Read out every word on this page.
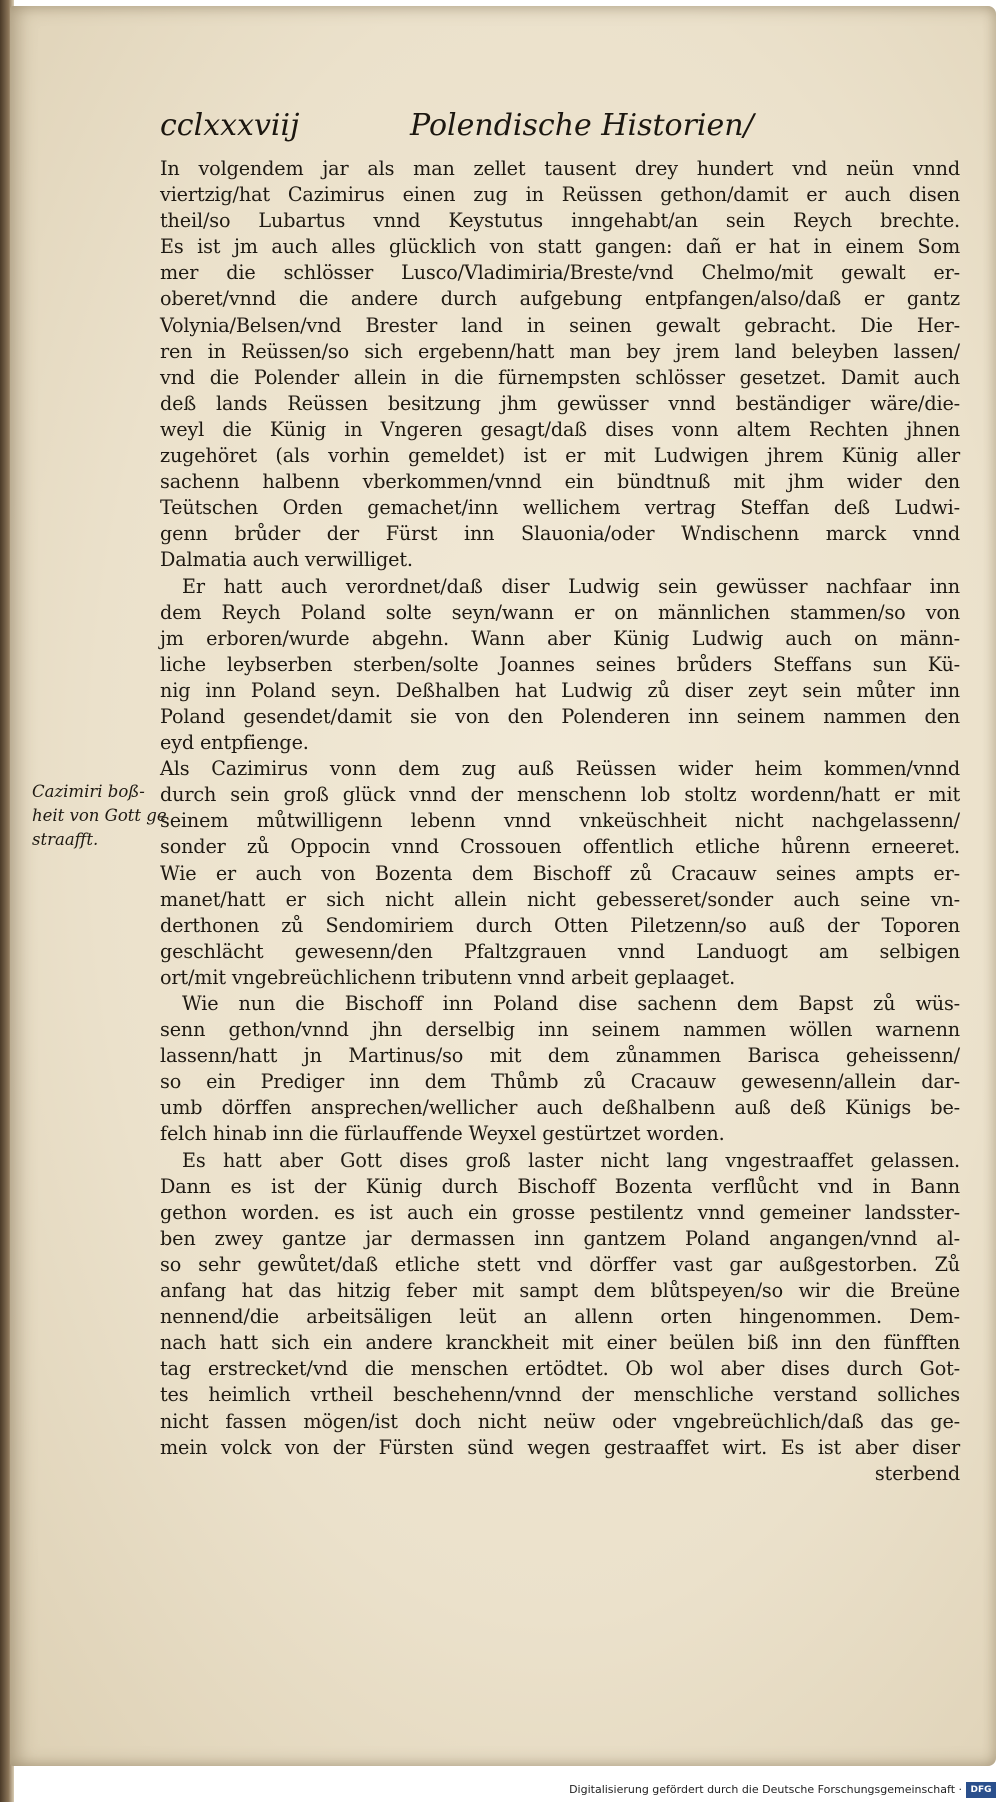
cclxxxviij	Polendische Historien/
Cazimiri boß-
heit von Gott ge
straafft.
In volgendem jar als man zellet tausent drey hundert vnd neün vnnd
viertzig/hat Cazimirus einen zug in Reüssen gethon/damit er auch disen
theil/so Lubartus vnnd Keystutus inngehabt/an sein Reych brechte.
Es ist jm auch alles glücklich von statt gangen: dañ er hat in einem Som
mer die schlösser Lusco/Vladimiria/Breste/vnd Chelmo/mit gewalt er-
oberet/vnnd die andere durch aufgebung entpfangen/also/daß er gantz
Volynia/Belsen/vnd Brester land in seinen gewalt gebracht. Die Her-
ren in Reüssen/so sich ergebenn/hatt man bey jrem land beleyben lassen/
vnd die Polender allein in die fürnempsten schlösser gesetzet. Damit auch
deß lands Reüssen besitzung jhm gewüsser vnnd beständiger wäre/die-
weyl die Künig in Vngeren gesagt/daß dises vonn altem Rechten jhnen
zugehöret (als vorhin gemeldet) ist er mit Ludwigen jhrem Künig aller
sachenn halbenn vberkommen/vnnd ein bündtnuß mit jhm wider den
Teütschen Orden gemachet/inn wellichem vertrag Steffan deß Ludwi-
genn brůder der Fürst inn Slauonia/oder Wndischenn marck vnnd
Dalmatia auch verwilliget.
Er hatt auch verordnet/daß diser Ludwig sein gewüsser nachfaar inn
dem Reych Poland solte seyn/wann er on männlichen stammen/so von
jm erboren/wurde abgehn. Wann aber Künig Ludwig auch on männ-
liche leybserben sterben/solte Joannes seines brůders Steffans sun Kü-
nig inn Poland seyn. Deßhalben hat Ludwig zů diser zeyt sein můter inn
Poland gesendet/damit sie von den Polenderen inn seinem nammen den
eyd entpfienge.
Als Cazimirus vonn dem zug auß Reüssen wider heim kommen/vnnd
durch sein groß glück vnnd der menschenn lob stoltz wordenn/hatt er mit
seinem můtwilligenn lebenn vnnd vnkeüschheit nicht nachgelassenn/
sonder zů Oppocin vnnd Crossouen offentlich etliche hůrenn erneeret.
Wie er auch von Bozenta dem Bischoff zů Cracauw seines ampts er-
manet/hatt er sich nicht allein nicht gebesseret/sonder auch seine vn-
derthonen zů Sendomiriem durch Otten Piletzenn/so auß der Toporen
geschlächt gewesenn/den Pfaltzgrauen vnnd Landuogt am selbigen
ort/mit vngebreüchlichenn tributenn vnnd arbeit geplaaget.
Wie nun die Bischoff inn Poland dise sachenn dem Bapst zů wüs-
senn gethon/vnnd jhn derselbig inn seinem nammen wöllen warnenn
lassenn/hatt jn Martinus/so mit dem zůnammen Barisca geheissenn/
so ein Prediger inn dem Thůmb zů Cracauw gewesenn/allein dar-
umb dörffen ansprechen/wellicher auch deßhalbenn auß deß Künigs be-
felch hinab inn die fürlauffende Weyxel gestürtzet worden.
Es hatt aber Gott dises groß laster nicht lang vngestraaffet gelassen.
Dann es ist der Künig durch Bischoff Bozenta verflůcht vnd in Bann
gethon worden. es ist auch ein grosse pestilentz vnnd gemeiner landsster-
ben zwey gantze jar dermassen inn gantzem Poland angangen/vnnd al-
so sehr gewůtet/daß etliche stett vnd dörffer vast gar außgestorben. Zů
anfang hat das hitzig feber mit sampt dem blůtspeyen/so wir die Breüne
nennend/die arbeitsäligen leüt an allenn orten hingenommen. Dem-
nach hatt sich ein andere kranckheit mit einer beülen biß inn den fünfften
tag erstrecket/vnd die menschen ertödtet. Ob wol aber dises durch Got-
tes heimlich vrtheil beschehenn/vnnd der menschliche verstand solliches
nicht fassen mögen/ist doch nicht neüw oder vngebreüchlich/daß das ge-
mein volck von der Fürsten sünd wegen gestraaffet wirt. Es ist aber diser
sterbend
Digitalisierung gefördert durch die Deutsche Forschungsgemeinschaft · DFG
